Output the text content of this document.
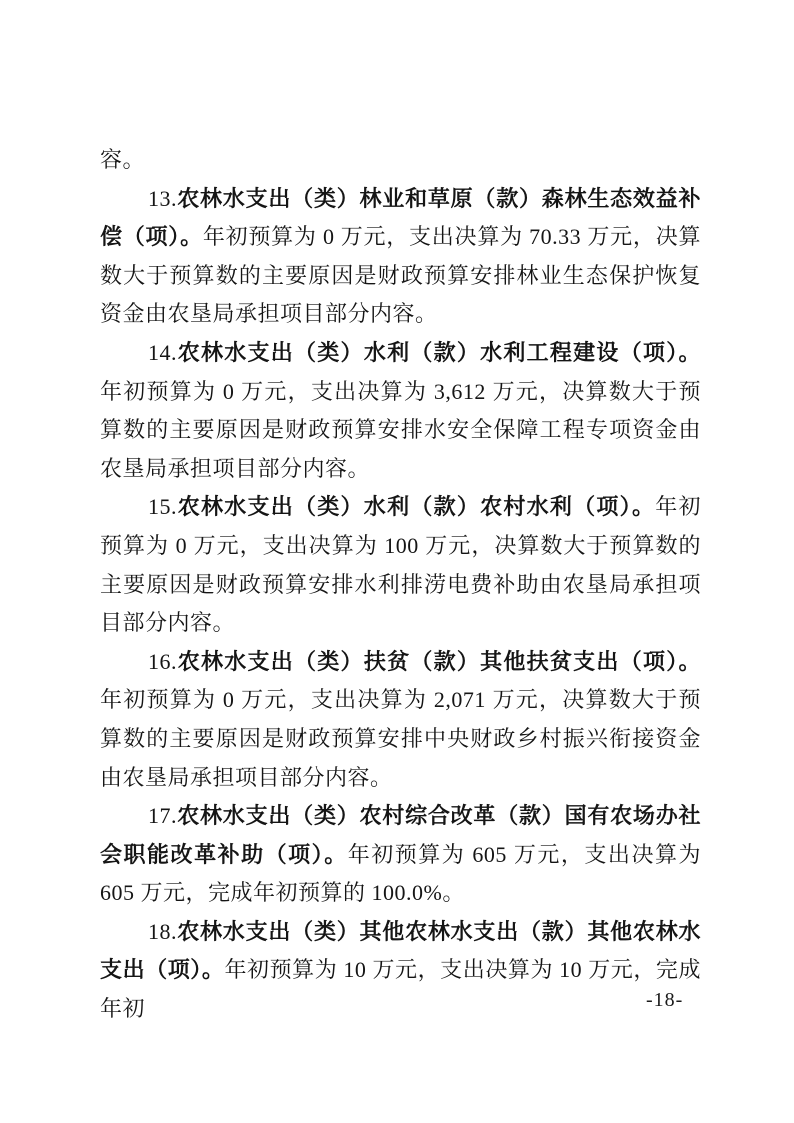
容。

13.农林水支出（类）林业和草原（款）森林生态效益补偿（项）。年初预算为 0 万元，支出决算为 70.33 万元，决算数大于预算数的主要原因是财政预算安排林业生态保护恢复资金由农垦局承担项目部分内容。

14.农林水支出（类）水利（款）水利工程建设（项）。年初预算为 0 万元，支出决算为 3,612 万元，决算数大于预算数的主要原因是财政预算安排水安全保障工程专项资金由农垦局承担项目部分内容。

15.农林水支出（类）水利（款）农村水利（项）。年初预算为 0 万元，支出决算为 100 万元，决算数大于预算数的主要原因是财政预算安排水利排涝电费补助由农垦局承担项目部分内容。

16.农林水支出（类）扶贫（款）其他扶贫支出（项）。年初预算为 0 万元，支出决算为 2,071 万元，决算数大于预算数的主要原因是财政预算安排中央财政乡村振兴衔接资金由农垦局承担项目部分内容。

17.农林水支出（类）农村综合改革（款）国有农场办社会职能改革补助（项）。年初预算为 605 万元，支出决算为 605 万元，完成年初预算的 100.0%。

18.农林水支出（类）其他农林水支出（款）其他农林水支出（项）。年初预算为 10 万元，支出决算为 10 万元，完成年初	-18-
